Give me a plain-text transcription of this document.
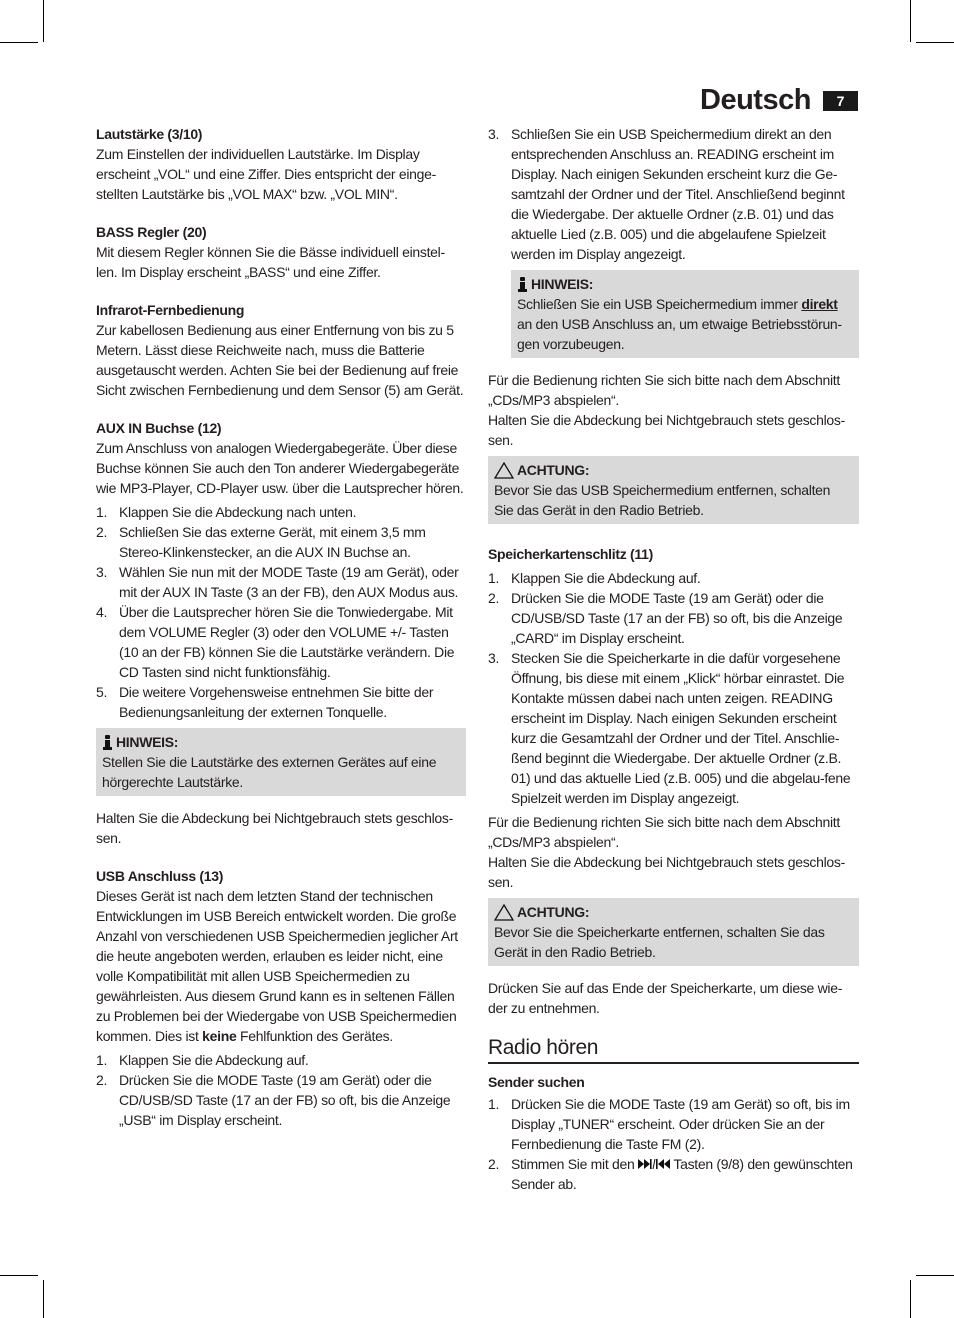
Deutsch	7
Lautstärke (3/10)

Zum Einstellen der individuellen Lautstärke. Im Display erscheint „VOL“ und eine Ziffer. Dies entspricht der einge-stellten Lautstärke bis „VOL MAX“ bzw. „VOL MIN“.

BASS Regler (20)

Mit diesem Regler können Sie die Bässe individuell einstel-len. Im Display erscheint „BASS“ und eine Ziffer.

Infrarot-Fernbedienung

Zur kabellosen Bedienung aus einer Entfernung von bis zu 5 Metern. Lässt diese Reichweite nach, muss die Batterie ausgetauscht werden. Achten Sie bei der Bedienung auf freie Sicht zwischen Fernbedienung und dem Sensor (5) am Gerät.

AUX IN Buchse (12)

Zum Anschluss von analogen Wiedergabegeräte. Über diese Buchse können Sie auch den Ton anderer Wiedergabegeräte wie MP3-Player, CD-Player usw. über die Lautsprecher hören.

1. Klappen Sie die Abdeckung nach unten.
2. Schließen Sie das externe Gerät, mit einem 3,5 mm Stereo-Klinkenstecker, an die AUX IN Buchse an.
3. Wählen Sie nun mit der MODE Taste (19 am Gerät), oder mit der AUX IN Taste (3 an der FB), den AUX Modus aus.
4. Über die Lautsprecher hören Sie die Tonwiedergabe. Mit dem VOLUME Regler (3) oder den VOLUME +/- Tasten (10 an der FB) können Sie die Lautstärke verändern. Die CD Tasten sind nicht funktionsfähig.
5. Die weitere Vorgehensweise entnehmen Sie bitte der Bedienungsanleitung der externen Tonquelle.
HINWEIS:

Stellen Sie die Lautstärke des externen Gerätes auf eine hörgerechte Lautstärke.

Halten Sie die Abdeckung bei Nichtgebrauch stets geschlos-sen.

USB Anschluss (13)

Dieses Gerät ist nach dem letzten Stand der technischen Entwicklungen im USB Bereich entwickelt worden. Die große Anzahl von verschiedenen USB Speichermedien jeglicher Art die heute angeboten werden, erlauben es leider nicht, eine volle Kompatibilität mit allen USB Speichermedien zu gewährleisten. Aus diesem Grund kann es in seltenen Fällen zu Problemen bei der Wiedergabe von USB Speichermedien kommen. Dies ist keine Fehlfunktion des Gerätes.

1. Klappen Sie die Abdeckung auf.
2. Drücken Sie die MODE Taste (19 am Gerät) oder die CD/USB/SD Taste (17 an der FB) so oft, bis die Anzeige „USB“ im Display erscheint.
3. Schließen Sie ein USB Speichermedium direkt an den entsprechenden Anschluss an. READING erscheint im Display. Nach einigen Sekunden erscheint kurz die Ge-samtzahl der Ordner und der Titel. Anschließend beginnt die Wiedergabe. Der aktuelle Ordner (z.B. 01) und das aktuelle Lied (z.B. 005) und die abgelaufene Spielzeit werden im Display angezeigt.
HINWEIS:

Schließen Sie ein USB Speichermedium immer direkt an den USB Anschluss an, um etwaige Betriebsstörun-gen vorzubeugen.

Für die Bedienung richten Sie sich bitte nach dem Abschnitt „CDs/MP3 abspielen“.

Halten Sie die Abdeckung bei Nichtgebrauch stets geschlos-sen.

ACHTUNG:

Bevor Sie das USB Speichermedium entfernen, schalten Sie das Gerät in den Radio Betrieb.

Speicherkartenschlitz (11)
1. Klappen Sie die Abdeckung auf.
2. Drücken Sie die MODE Taste (19 am Gerät) oder die CD/USB/SD Taste (17 an der FB) so oft, bis die Anzeige „CARD“ im Display erscheint.
3. Stecken Sie die Speicherkarte in die dafür vorgesehene Öffnung, bis diese mit einem „Klick“ hörbar einrastet. Die Kontakte müssen dabei nach unten zeigen. READING erscheint im Display. Nach einigen Sekunden erscheint kurz die Gesamtzahl der Ordner und der Titel. Anschlie-ßend beginnt die Wiedergabe. Der aktuelle Ordner (z.B. 01) und das aktuelle Lied (z.B. 005) und die abgelau-fene Spielzeit werden im Display angezeigt.

Für die Bedienung richten Sie sich bitte nach dem Abschnitt „CDs/MP3 abspielen“.

Halten Sie die Abdeckung bei Nichtgebrauch stets geschlos-sen.

ACHTUNG:

Bevor Sie die Speicherkarte entfernen, schalten Sie das Gerät in den Radio Betrieb.

Drücken Sie auf das Ende der Speicherkarte, um diese wie-der zu entnehmen.

Radio hören
Sender suchen
1. Drücken Sie die MODE Taste (19 am Gerät) so oft, bis im Display „TUNER“ erscheint. Oder drücken Sie an der Fernbedienung die Taste FM (2).
2. Stimmen Sie mit den  Tasten (9/8) den gewünschten Sender ab.
